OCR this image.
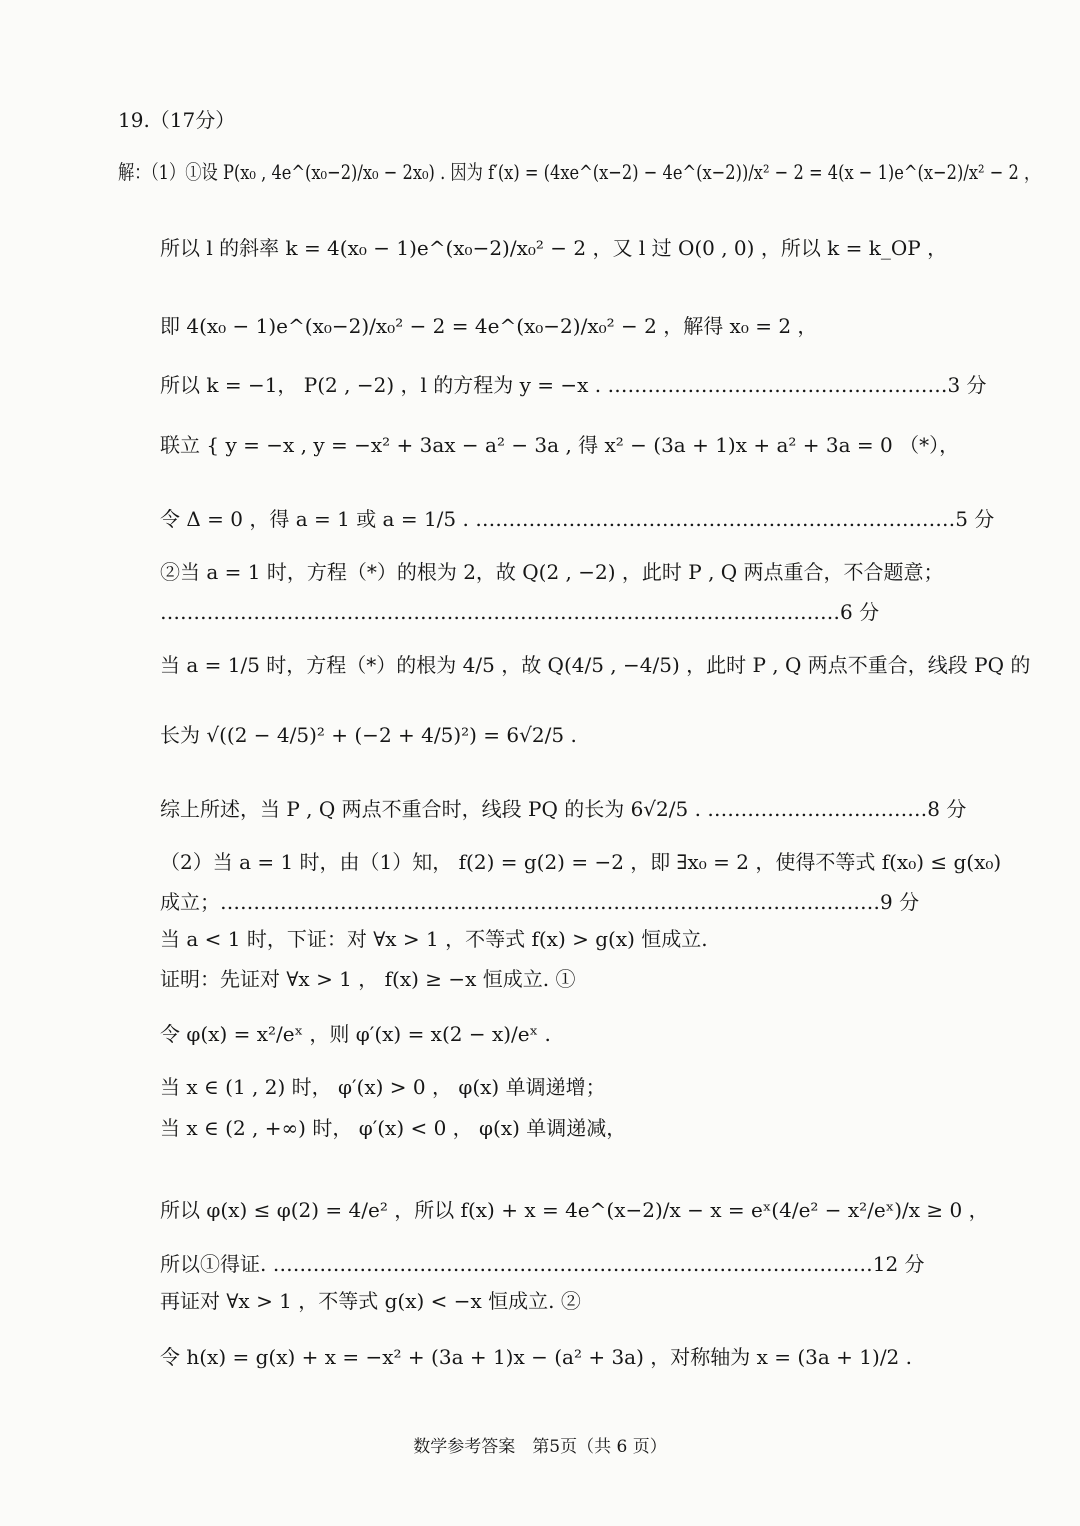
19.（17分）
解：（1）①设 P(x₀ , 4e^(x₀−2)/x₀ − 2x₀) . 因为 f′(x) = (4xe^(x−2) − 4e^(x−2))/x² − 2 = 4(x − 1)e^(x−2)/x² − 2 ，
所以 l 的斜率 k = 4(x₀ − 1)e^(x₀−2)/x₀² − 2 ，又 l 过 O(0 , 0) ，所以 k = k_OP ，
即 4(x₀ − 1)e^(x₀−2)/x₀² − 2 = 4e^(x₀−2)/x₀² − 2 ，解得 x₀ = 2 ，
所以 k = −1， P(2 , −2) ，l 的方程为 y = −x . ……………………………………………3 分
联立 { y = −x , y = −x² + 3ax − a² − 3a , 得 x² − (3a + 1)x + a² + 3a = 0 （*），
令 Δ = 0 ，得 a = 1 或 a = 1/5 . ………………………………………………………………5 分
②当 a = 1 时，方程（*）的根为 2，故 Q(2 , −2) ，此时 P , Q 两点重合，不合题意；
…………………………………………………………………………………………6 分
当 a = 1/5 时，方程（*）的根为 4/5 ，故 Q(4/5 , −4/5) ，此时 P , Q 两点不重合，线段 PQ 的
长为 √((2 − 4/5)² + (−2 + 4/5)²) = 6√2/5 .
综上所述，当 P , Q 两点不重合时，线段 PQ 的长为 6√2/5 . ……………………………8 分
（2）当 a = 1 时，由（1）知， f(2) = g(2) = −2 ，即 ∃x₀ = 2 ，使得不等式 f(x₀) ≤ g(x₀)
成立；………………………………………………………………………………………9 分
当 a < 1 时，下证：对 ∀x > 1 ，不等式 f(x) > g(x) 恒成立.
证明：先证对 ∀x > 1 ， f(x) ≥ −x 恒成立. ①
令 φ(x) = x²/eˣ ，则 φ′(x) = x(2 − x)/eˣ .
当 x ∈ (1 , 2) 时， φ′(x) > 0 ， φ(x) 单调递增；
当 x ∈ (2 , +∞) 时， φ′(x) < 0 ， φ(x) 单调递减，
所以 φ(x) ≤ φ(2) = 4/e² ，所以 f(x) + x = 4e^(x−2)/x − x = eˣ(4/e² − x²/eˣ)/x ≥ 0 ，
所以①得证. ………………………………………………………………………………12 分
再证对 ∀x > 1 ，不等式 g(x) < −x 恒成立. ②
令 h(x) = g(x) + x = −x² + (3a + 1)x − (a² + 3a) ，对称轴为 x = (3a + 1)/2 .
数学参考答案　第5页（共 6 页）
